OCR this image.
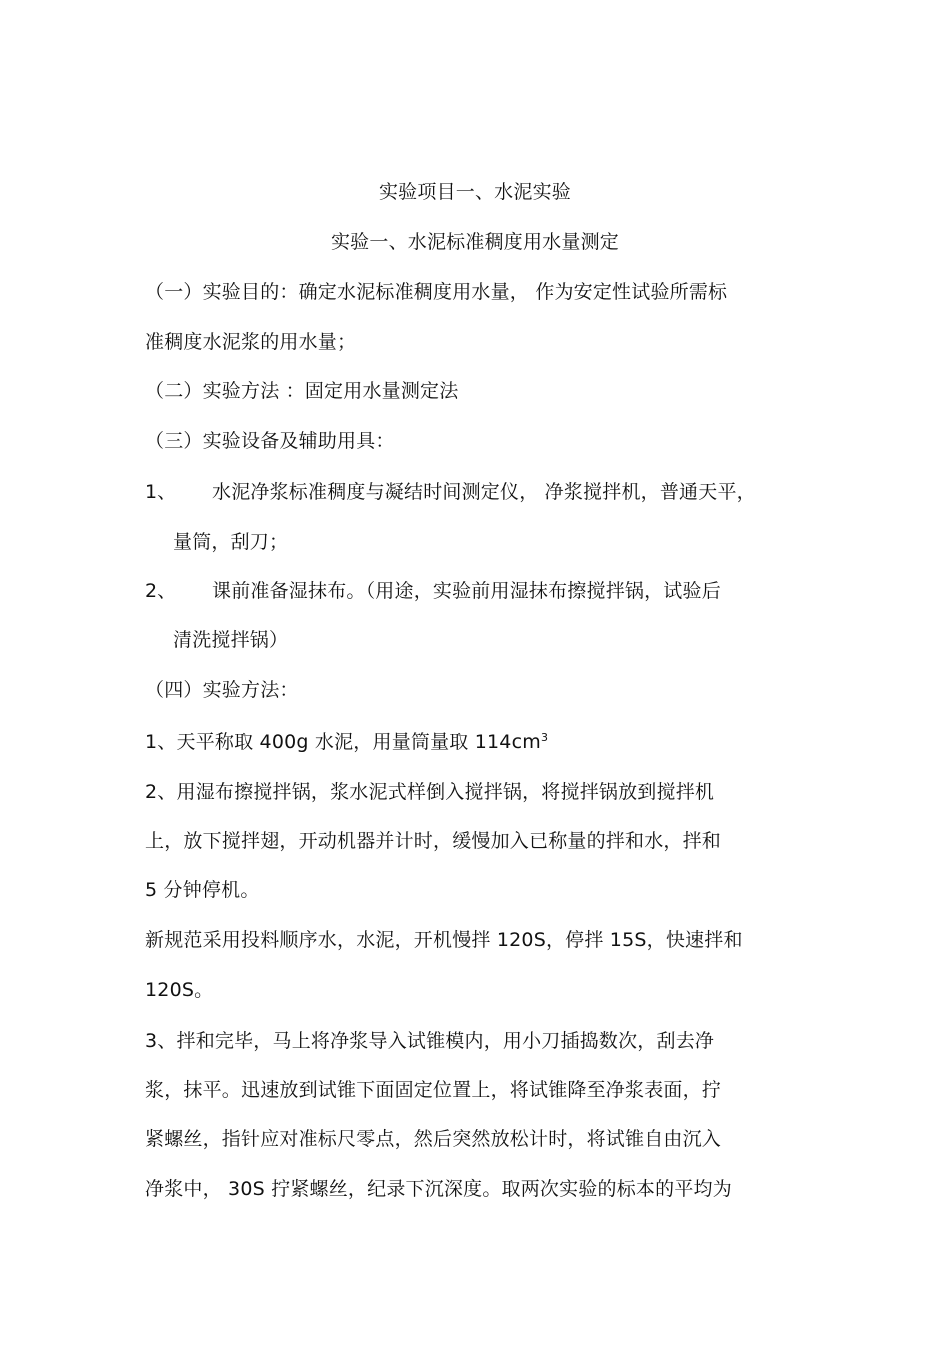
实验项目一、水泥实验
实验一、水泥标准稠度用水量测定
（一）实验目的：确定水泥标准稠度用水量， 作为安定性试验所需标
准稠度水泥浆的用水量；
（二）实验方法 ：固定用水量测定法
（三）实验设备及辅助用具：
1、 水泥净浆标准稠度与凝结时间测定仪， 净浆搅拌机，普通天平，
量筒，刮刀；
2、 课前准备湿抹布。（用途，实验前用湿抹布擦搅拌锅，试验后
清洗搅拌锅）
（四）实验方法：
1、天平称取 400g 水泥，用量筒量取 $114cm^3$
2、用湿布擦搅拌锅，浆水泥式样倒入搅拌锅，将搅拌锅放到搅拌机
上，放下搅拌翅，开动机器并计时，缓慢加入已称量的拌和水，拌和
5 分钟停机。
新规范采用投料顺序水，水泥，开机慢拌 120S，停拌 15S，快速拌和
120S。
3、拌和完毕，马上将净浆导入试锥模内，用小刀插捣数次，刮去净
浆，抹平。迅速放到试锥下面固定位置上，将试锥降至净浆表面，拧
紧螺丝，指针应对准标尺零点，然后突然放松计时，将试锥自由沉入
净浆中， 30S 拧紧螺丝，纪录下沉深度。取两次实验的标本的平均为
